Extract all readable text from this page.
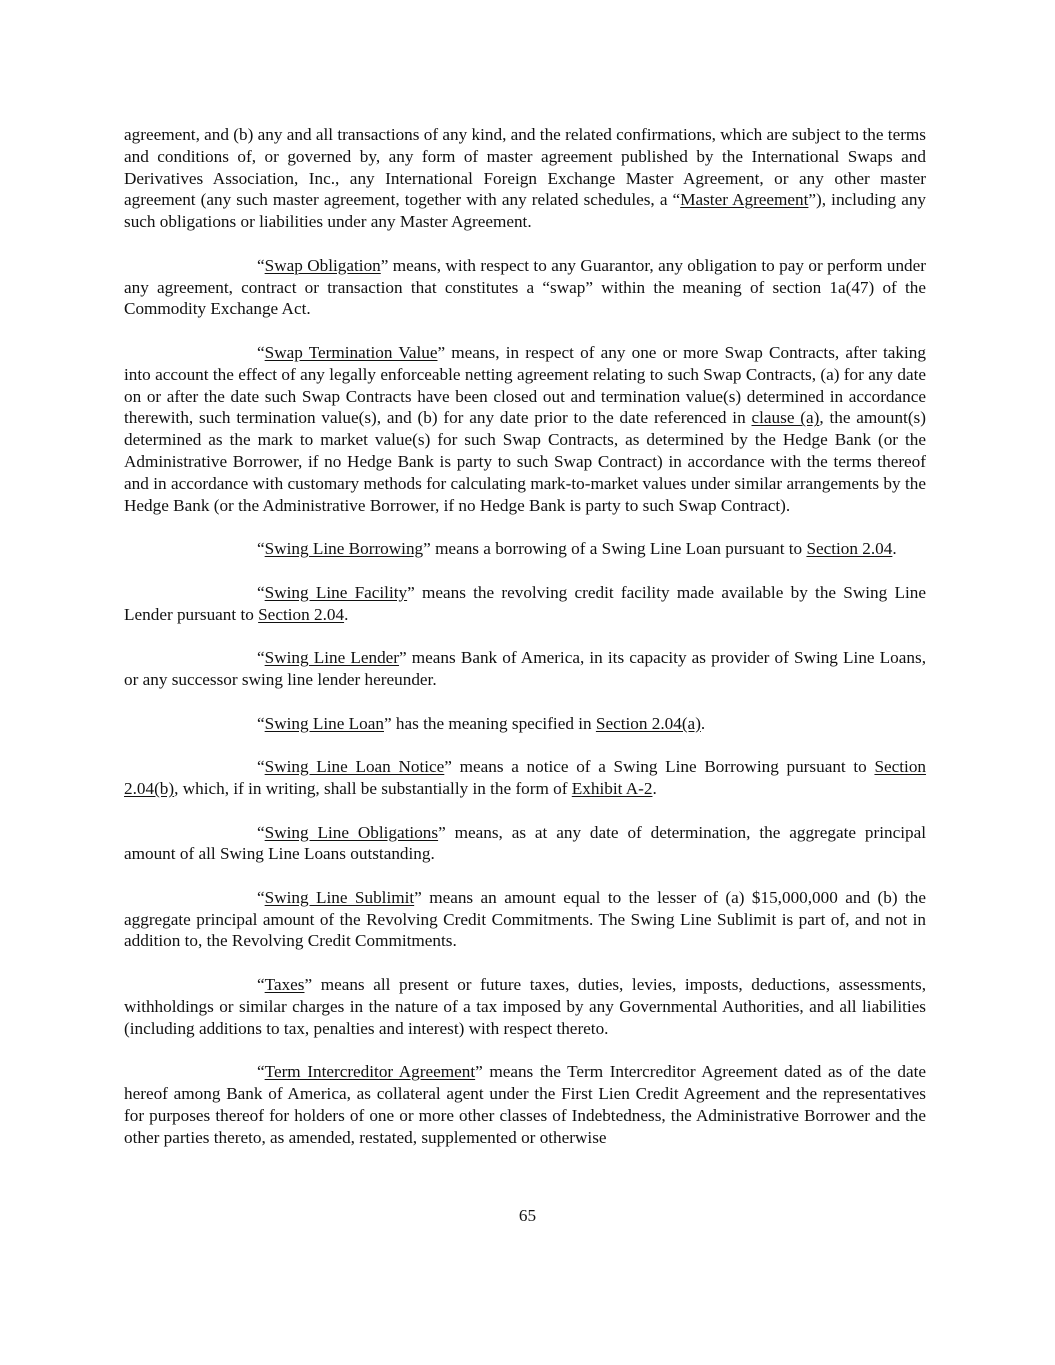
agreement, and (b) any and all transactions of any kind, and the related confirmations, which are subject to the terms and conditions of, or governed by, any form of master agreement published by the International Swaps and Derivatives Association, Inc., any International Foreign Exchange Master Agreement, or any other master agreement (any such master agreement, together with any related schedules, a “Master Agreement”), including any such obligations or liabilities under any Master Agreement.

“Swap Obligation” means, with respect to any Guarantor, any obligation to pay or perform under any agreement, contract or transaction that constitutes a “swap” within the meaning of section 1a(47) of the Commodity Exchange Act.

“Swap Termination Value” means, in respect of any one or more Swap Contracts, after taking into account the effect of any legally enforceable netting agreement relating to such Swap Contracts, (a) for any date on or after the date such Swap Contracts have been closed out and termination value(s) determined in accordance therewith, such termination value(s), and (b) for any date prior to the date referenced in clause (a), the amount(s) determined as the mark to market value(s) for such Swap Contracts, as determined by the Hedge Bank (or the Administrative Borrower, if no Hedge Bank is party to such Swap Contract) in accordance with the terms thereof and in accordance with customary methods for calculating mark-to-market values under similar arrangements by the Hedge Bank (or the Administrative Borrower, if no Hedge Bank is party to such Swap Contract).

“Swing Line Borrowing” means a borrowing of a Swing Line Loan pursuant to Section 2.04.

“Swing Line Facility” means the revolving credit facility made available by the Swing Line Lender pursuant to Section 2.04.

“Swing Line Lender” means Bank of America, in its capacity as provider of Swing Line Loans, or any successor swing line lender hereunder.

“Swing Line Loan” has the meaning specified in Section 2.04(a).

“Swing Line Loan Notice” means a notice of a Swing Line Borrowing pursuant to Section 2.04(b), which, if in writing, shall be substantially in the form of Exhibit A-2.

“Swing Line Obligations” means, as at any date of determination, the aggregate principal amount of all Swing Line Loans outstanding.

“Swing Line Sublimit” means an amount equal to the lesser of (a) $15,000,000 and (b) the aggregate principal amount of the Revolving Credit Commitments. The Swing Line Sublimit is part of, and not in addition to, the Revolving Credit Commitments.

“Taxes” means all present or future taxes, duties, levies, imposts, deductions, assessments, withholdings or similar charges in the nature of a tax imposed by any Governmental Authorities, and all liabilities (including additions to tax, penalties and interest) with respect thereto.

“Term Intercreditor Agreement” means the Term Intercreditor Agreement dated as of the date hereof among Bank of America, as collateral agent under the First Lien Credit Agreement and the representatives for purposes thereof for holders of one or more other classes of Indebtedness, the Administrative Borrower and the other parties thereto, as amended, restated, supplemented or otherwise

65
